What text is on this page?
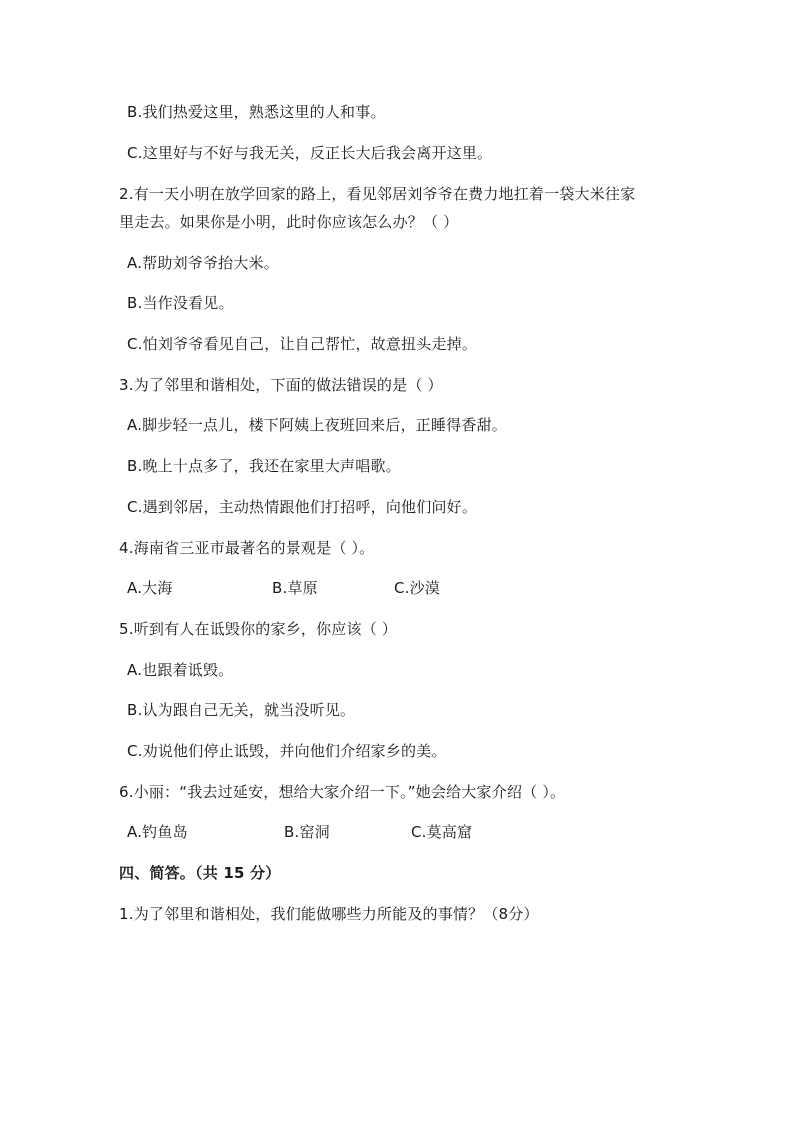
B.我们热爱这里，熟悉这里的人和事。
C.这里好与不好与我无关，反正长大后我会离开这里。
2.有一天小明在放学回家的路上，看见邻居刘爷爷在费力地扛着一袋大米往家
里走去。如果你是小明，此时你应该怎么办？（ ）
A.帮助刘爷爷抬大米。
B.当作没看见。
C.怕刘爷爷看见自己，让自己帮忙，故意扭头走掉。
3.为了邻里和谐相处，下面的做法错误的是（ ）
A.脚步轻一点儿，楼下阿姨上夜班回来后，正睡得香甜。
B.晚上十点多了，我还在家里大声唱歌。
C.遇到邻居，主动热情跟他们打招呼，向他们问好。
4.海南省三亚市最著名的景观是（ ）。
A.大海	B.草原	C.沙漠
5.听到有人在诋毁你的家乡，你应该（ ）
A.也跟着诋毁。
B.认为跟自己无关，就当没听见。
C.劝说他们停止诋毁，并向他们介绍家乡的美。
6.小丽：“我去过延安，想给大家介绍一下。”她会给大家介绍（ ）。
A.钓鱼岛	B.窑洞	C.莫高窟
四、简答。（共 15 分）
1.为了邻里和谐相处，我们能做哪些力所能及的事情？（8分）
